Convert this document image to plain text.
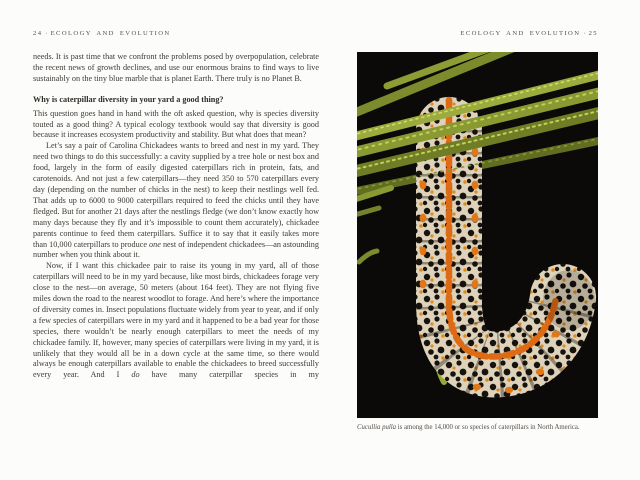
24 · ECOLOGY AND EVOLUTION

needs. It is past time that we confront the problems posed by overpopulation, celebrate the recent news of growth declines, and use our enormous brains to find ways to live sustainably on the tiny blue marble that is planet Earth. There truly is no Planet B.

Why is caterpillar diversity in your yard a good thing?

This question goes hand in hand with the oft asked question, why is species diversity touted as a good thing? A typical ecology textbook would say that diversity is good because it increases ecosystem productivity and stability. But what does that mean?

Let’s say a pair of Carolina Chickadees wants to breed and nest in my yard. They need two things to do this successfully: a cavity supplied by a tree hole or nest box and food, largely in the form of easily digested caterpillars rich in protein, fats, and carotenoids. And not just a few caterpillars—they need 350 to 570 caterpillars every day (depending on the number of chicks in the nest) to keep their nestlings well fed. That adds up to 6000 to 9000 caterpillars required to feed the chicks until they have fledged. But for another 21 days after the nestlings fledge (we don’t know exactly how many days because they fly and it’s impossible to count them accurately), chickadee parents continue to feed them caterpillars. Suffice it to say that it easily takes more than 10,000 caterpillars to produce one nest of independent chickadees—an astounding number when you think about it.

Now, if I want this chickadee pair to raise its young in my yard, all of those caterpillars will need to be in my yard because, like most birds, chickadees forage very close to the nest—on average, 50 meters (about 164 feet). They are not flying five miles down the road to the nearest woodlot to forage. And here’s where the importance of diversity comes in. Insect populations fluctuate widely from year to year, and if only a few species of caterpillars were in my yard and it happened to be a bad year for those species, there wouldn’t be nearly enough caterpillars to meet the needs of my chickadee family. If, however, many species of caterpillars were living in my yard, it is unlikely that they would all be in a down cycle at the same time, so there would always be enough caterpillars available to enable the chickadees to breed successfully every year. And I do have many caterpillar species in my

ECOLOGY AND EVOLUTION · 25
Cucullia pulla is among the 14,000 or so species of caterpillars in North America.
